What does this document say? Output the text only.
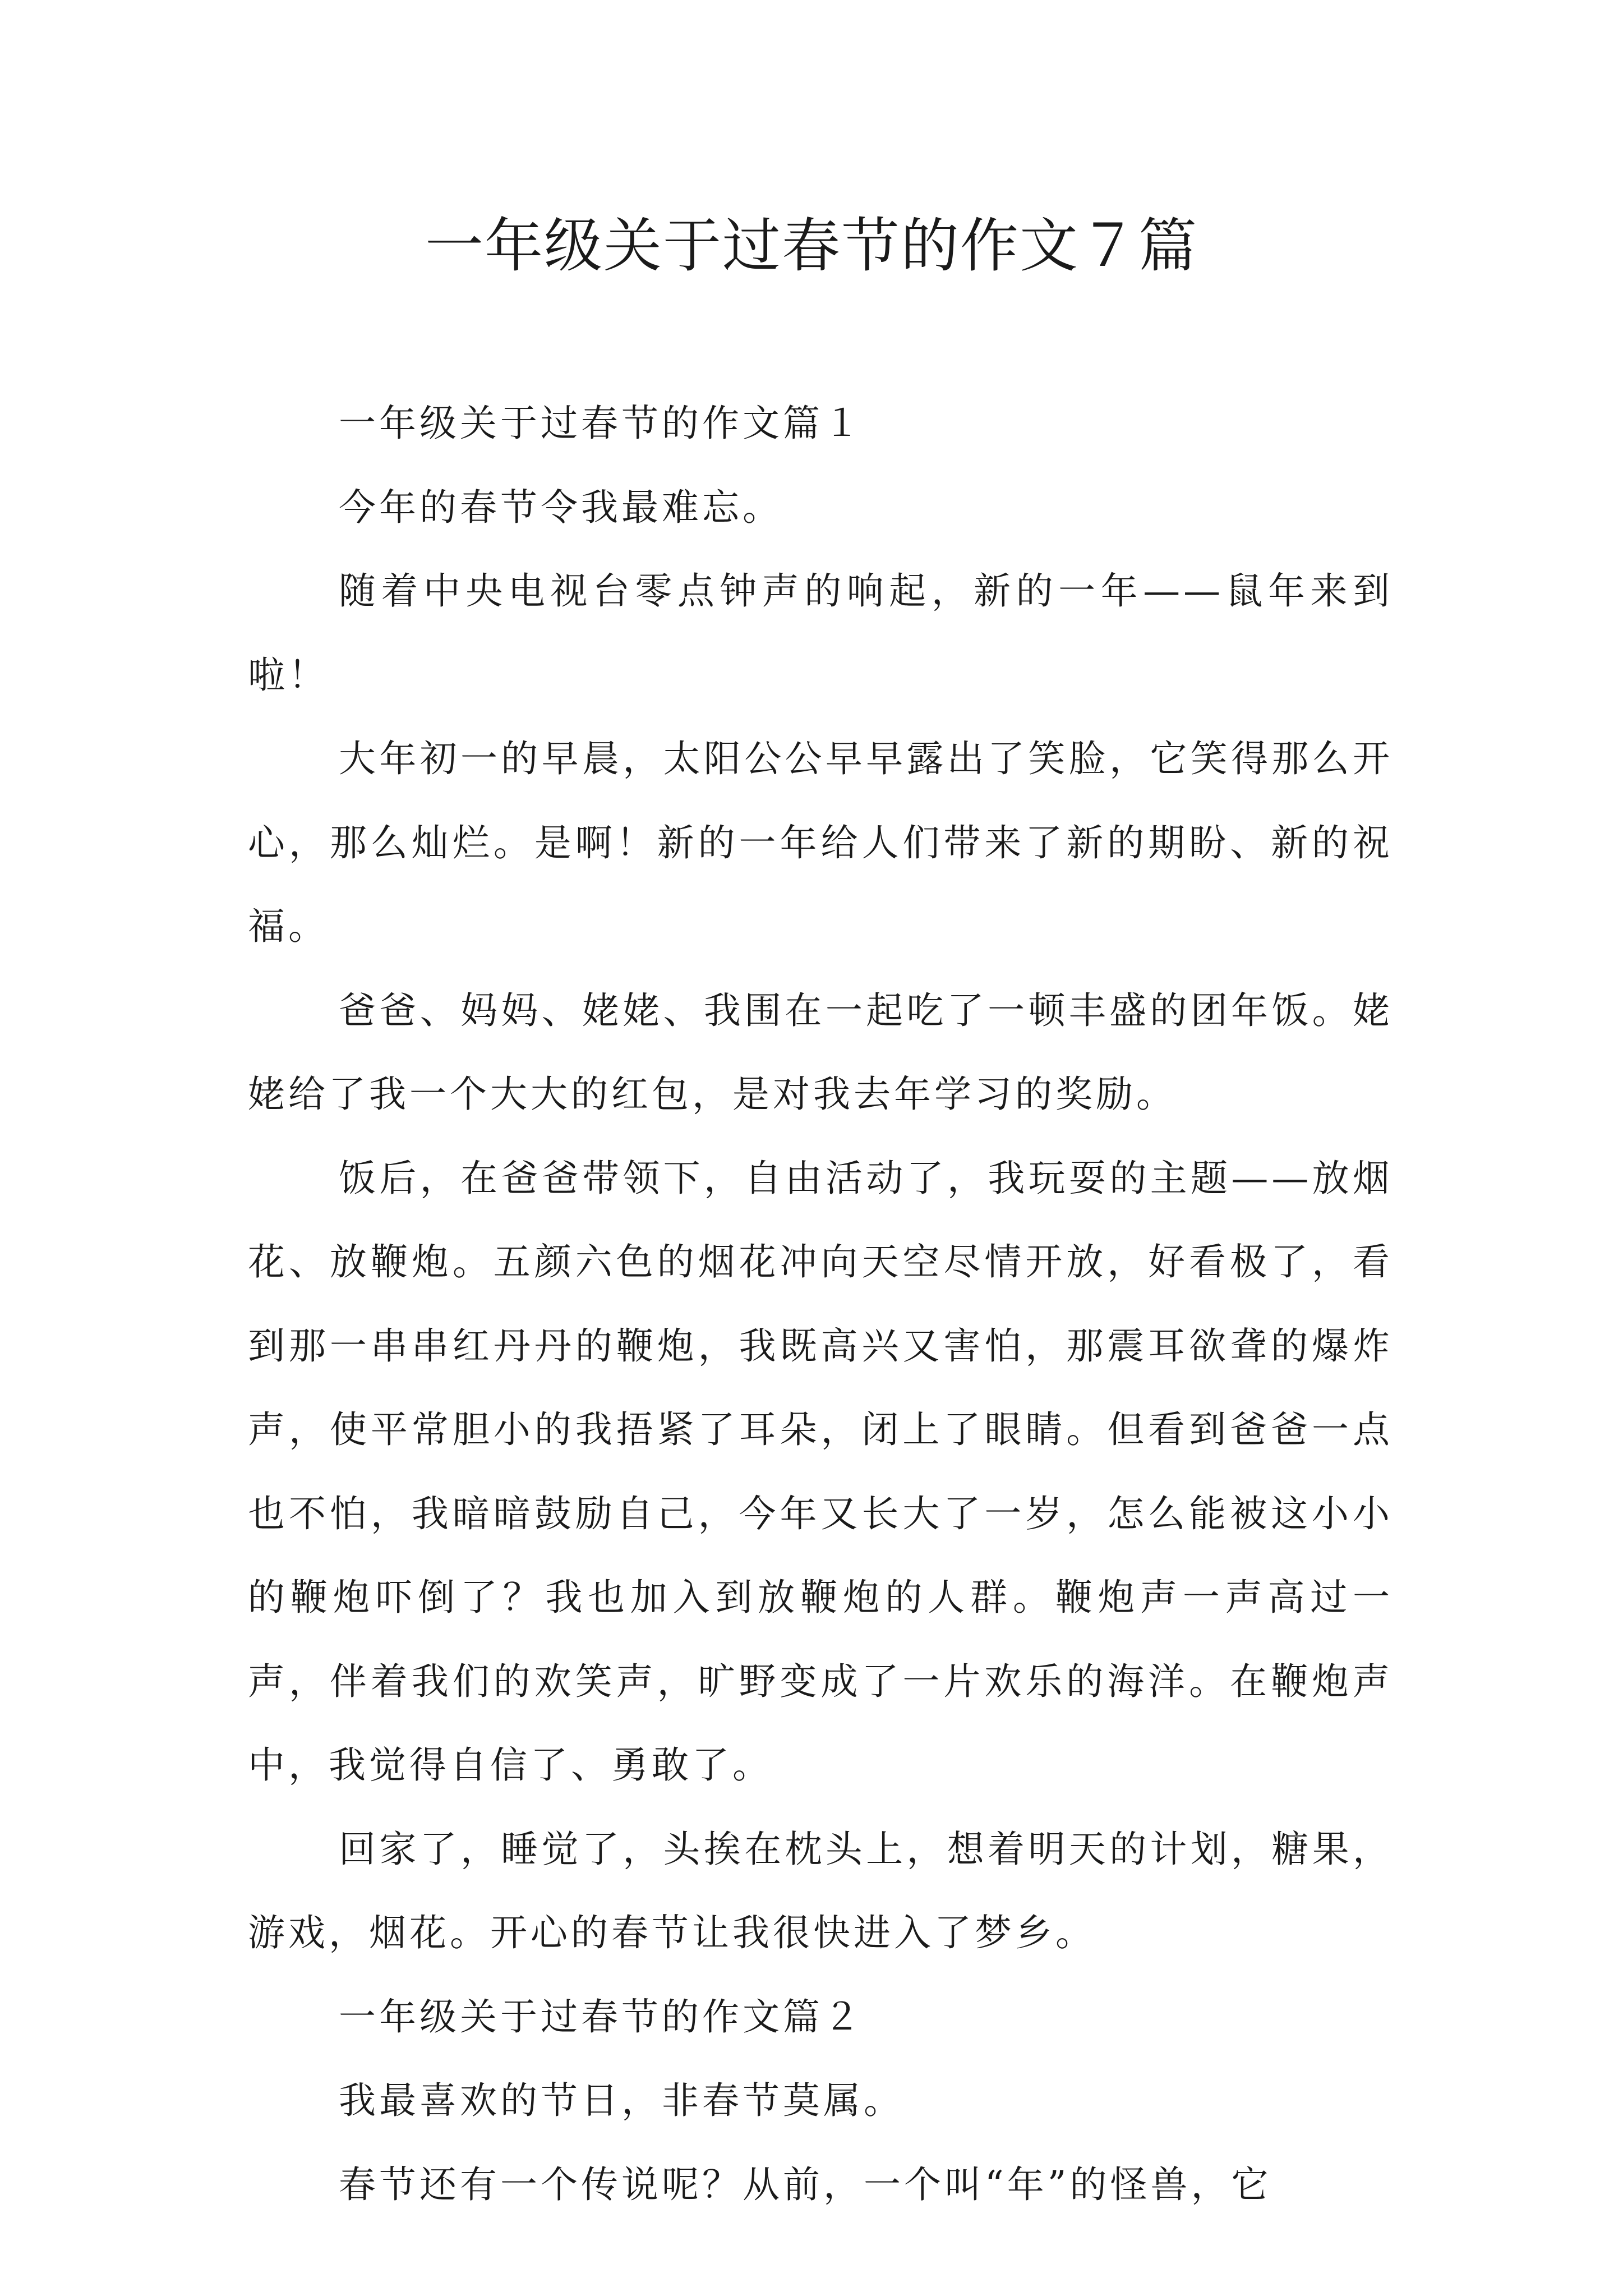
一年级关于过春节的作文７篇

一年级关于过春节的作文篇１

今年的春节令我最难忘。

随着中央电视台零点钟声的响起，新的一年——鼠年来到啦！

大年初一的早晨，太阳公公早早露出了笑脸，它笑得那么开心，那么灿烂。是啊！新的一年给人们带来了新的期盼、新的祝福。

爸爸、妈妈、姥姥、我围在一起吃了一顿丰盛的团年饭。姥姥给了我一个大大的红包，是对我去年学习的奖励。

饭后，在爸爸带领下，自由活动了，我玩耍的主题——放烟花、放鞭炮。五颜六色的烟花冲向天空尽情开放，好看极了，看到那一串串红丹丹的鞭炮，我既高兴又害怕，那震耳欲聋的爆炸声，使平常胆小的我捂紧了耳朵，闭上了眼睛。但看到爸爸一点也不怕，我暗暗鼓励自己，今年又长大了一岁，怎么能被这小小的鞭炮吓倒了？我也加入到放鞭炮的人群。鞭炮声一声高过一声，伴着我们的欢笑声，旷野变成了一片欢乐的海洋。在鞭炮声中，我觉得自信了、勇敢了。

回家了，睡觉了，头挨在枕头上，想着明天的计划，糖果，游戏，烟花。开心的春节让我很快进入了梦乡。

一年级关于过春节的作文篇２

我最喜欢的节日，非春节莫属。

春节还有一个传说呢？从前，一个叫“年”的怪兽，它
